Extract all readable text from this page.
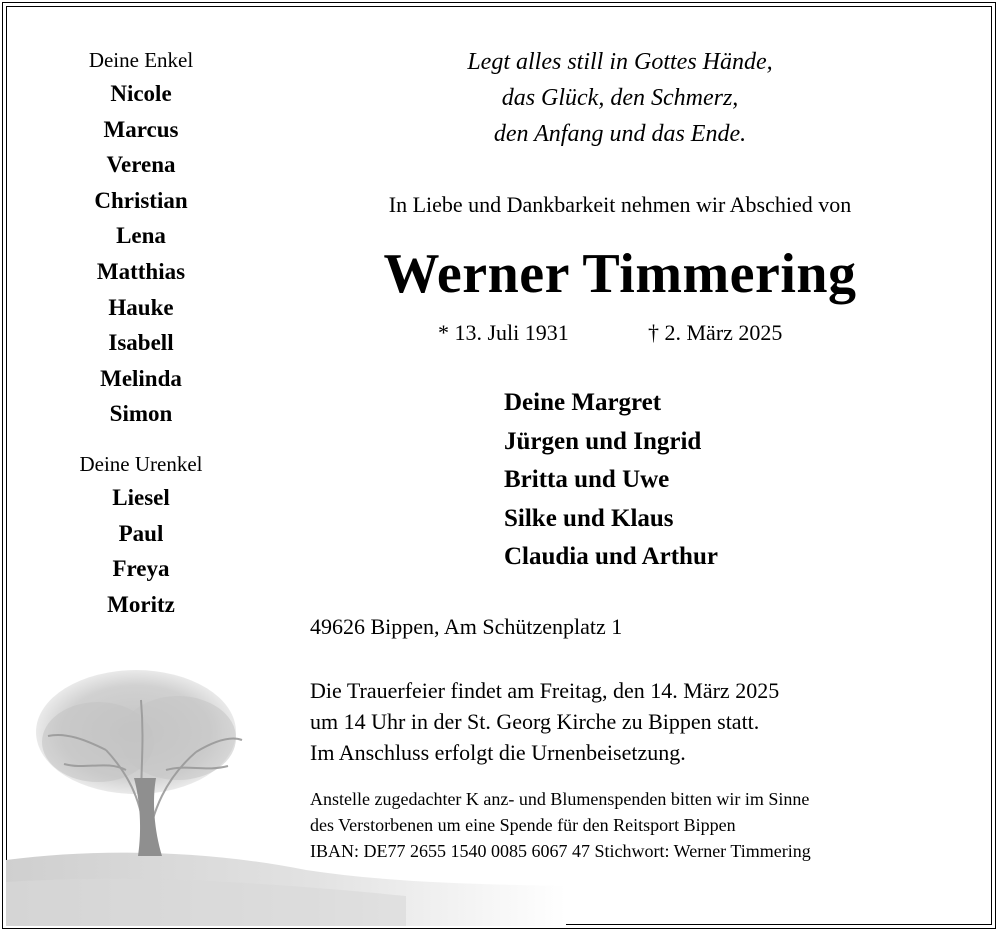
Deine Enkel
Nicole
Marcus
Verena
Christian
Lena
Matthias
Hauke
Isabell
Melinda
Simon
Deine Urenkel
Liesel
Paul
Freya
Moritz
Legt alles still in Gottes Hände,
das Glück, den Schmerz,
den Anfang und das Ende.
In Liebe und Dankbarkeit nehmen wir Abschied von
Werner Timmering
* 13. Juli 1931	† 2. März 2025
Deine Margret
Jürgen und Ingrid
Britta und Uwe
Silke und Klaus
Claudia und Arthur
49626 Bippen, Am Schützenplatz 1
Die Trauerfeier findet am Freitag, den 14. März 2025
um 14 Uhr in der St. Georg Kirche zu Bippen statt.
Im Anschluss erfolgt die Urnenbeisetzung.
Anstelle zugedachter K anz- und Blumenspenden bitten wir im Sinne
des Verstorbenen um eine Spende für den Reitsport Bippen
IBAN: DE77 2655 1540 0085 6067 47 Stichwort: Werner Timmering
